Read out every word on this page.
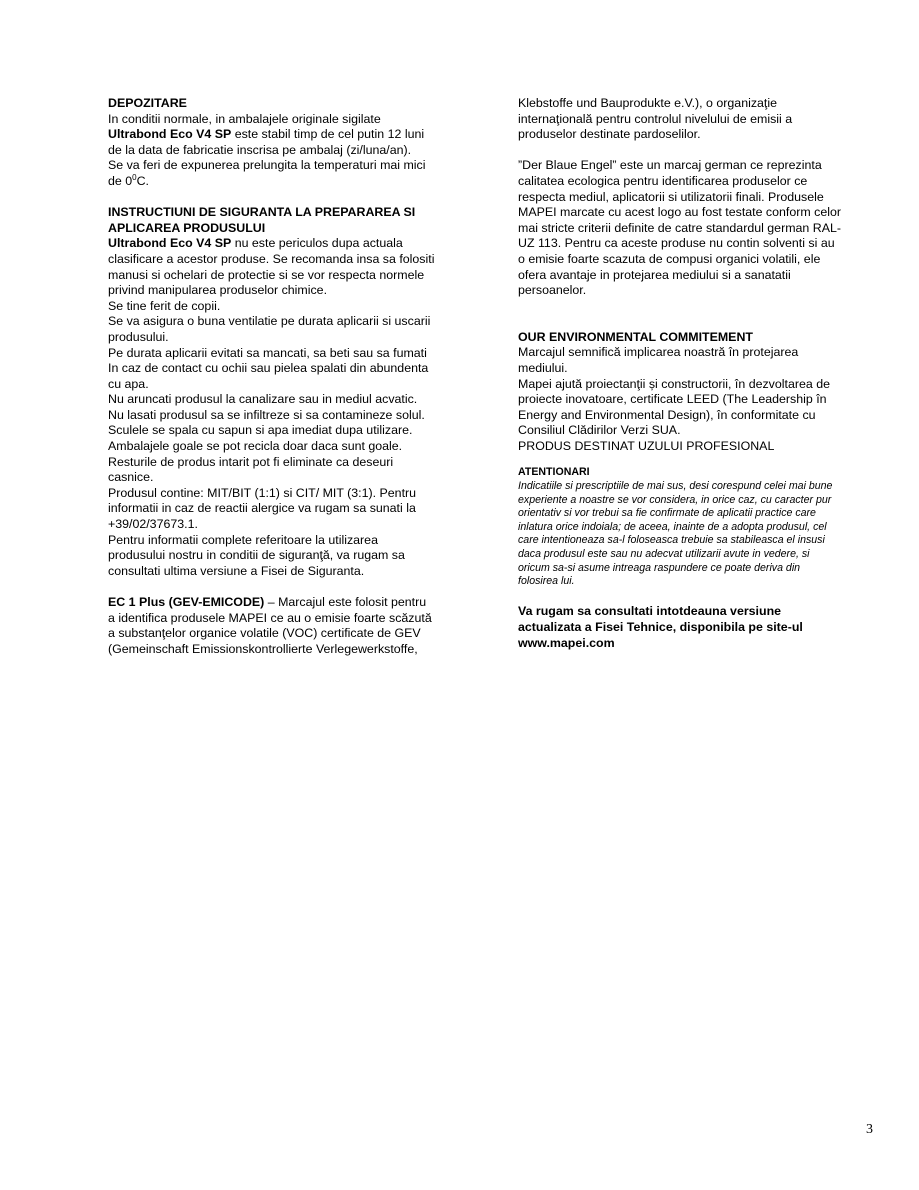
DEPOZITARE

In conditii normale, in ambalajele originale sigilate

Ultrabond Eco V4 SP este stabil timp de cel putin 12 luni

de la data de fabricatie inscrisa pe ambalaj (zi/luna/an).

Se va feri de expunerea prelungita la temperaturi mai mici

de $0^0C$.

INSTRUCTIUNI DE SIGURANTA LA PREPARAREA SI

APLICAREA PRODUSULUI

Ultrabond Eco V4 SP nu este periculos dupa actuala

clasificare a acestor produse. Se recomanda insa sa folositi

manusi si ochelari de protectie si se vor respecta normele

privind manipularea produselor chimice.

Se tine ferit de copii.

Se va asigura o buna ventilatie pe durata aplicarii si uscarii

produsului.

Pe durata aplicarii evitati sa mancati, sa beti sau sa fumati

In caz de contact cu ochii sau pielea spalati din abundenta

cu apa.

Nu aruncati produsul la canalizare sau in mediul acvatic.

Nu lasati produsul sa se infiltreze si sa contamineze solul.

Sculele se spala cu sapun si apa imediat dupa utilizare.

Ambalajele goale se pot recicla doar daca sunt goale.

Resturile de produs intarit pot fi eliminate ca deseuri

casnice.

Produsul contine: MIT/BIT (1:1) si CIT/ MIT (3:1). Pentru

informatii in caz de reactii alergice va rugam sa sunati la

+39/02/37673.1.

Pentru informatii complete referitoare la utilizarea

produsului nostru in conditii de siguranţă, va rugam sa

consultati ultima versiune a Fisei de Siguranta.

EC 1 Plus (GEV-EMICODE) – Marcajul este folosit pentru

a identifica produsele MAPEI ce au o emisie foarte scăzută

a substanţelor organice volatile (VOC) certificate de GEV

(Gemeinschaft Emissionskontrollierte Verlegewerkstoffe,

Klebstoffe und Bauprodukte e.V.), o organizaţie

internaţională pentru controlul nivelului de emisii a

produselor destinate pardoselilor.

”Der Blaue Engel” este un marcaj german ce reprezinta

calitatea ecologica pentru identificarea produselor ce

respecta mediul, aplicatorii si utilizatorii finali. Produsele

MAPEI marcate cu acest logo au fost testate conform celor

mai stricte criterii definite de catre standardul german RAL-

UZ 113. Pentru ca aceste produse nu contin solventi si au

o emisie foarte scazuta de compusi organici volatili, ele

ofera avantaje in protejarea mediului si a sanatatii

persoanelor.

OUR ENVIRONMENTAL COMMITEMENT

Marcajul semnifică implicarea noastră în protejarea

mediului.

Mapei ajută proiectanţii și constructorii, în dezvoltarea de

proiecte inovatoare, certificate LEED (The Leadership în

Energy and Environmental Design), în conformitate cu

Consiliul Clădirilor Verzi SUA.

PRODUS DESTINAT UZULUI PROFESIONAL

ATENTIONARI

Indicatiile si prescriptiile de mai sus, desi corespund celei mai bune

experiente a noastre se vor considera, in orice caz, cu caracter pur

orientativ si vor trebui sa fie confirmate de aplicatii practice care

inlatura orice indoiala; de aceea, inainte de a adopta produsul, cel

care intentioneaza sa-l foloseasca trebuie sa stabileasca el insusi

daca produsul este sau nu adecvat utilizarii avute in vedere, si

oricum sa-si asume intreaga raspundere ce poate deriva din

folosirea lui.

Va rugam sa consultati intotdeauna versiune

actualizata a Fisei Tehnice, disponibila pe site-ul

www.mapei.com

3
